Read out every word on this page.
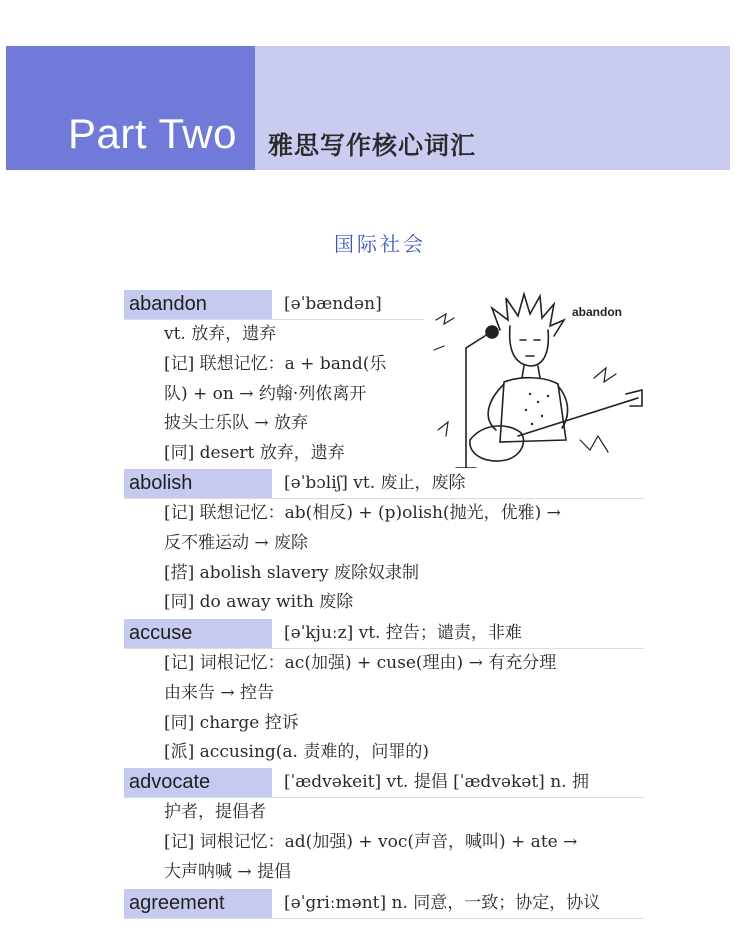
Part Two 雅思写作核心词汇
国际社会
abandon
abandon	[əˈbændən]
vt. 放弃，遗弃
[记] 联想记忆：a + band(乐
队) + on → 约翰·列侬离开
披头士乐队 → 放弃
[同] desert 放弃，遗弃
abolish	[əˈbɔliʃ] vt. 废止，废除
[记] 联想记忆：ab(相反) + (p)olish(抛光，优雅) →
反不雅运动 → 废除
[搭] abolish slavery 废除奴隶制
[同] do away with 废除
accuse	[əˈkjuːz] vt. 控告；谴责，非难
[记] 词根记忆：ac(加强) + cuse(理由) → 有充分理
由来告 → 控告
[同] charge 控诉
[派] accusing(a. 责难的，问罪的)
advocate	[ˈædvəkeit] vt. 提倡 [ˈædvəkət] n. 拥
护者，提倡者
[记] 词根记忆：ad(加强) + voc(声音，喊叫) + ate →
大声呐喊 → 提倡
agreement	[əˈgriːmənt] n. 同意，一致；协定，协议
